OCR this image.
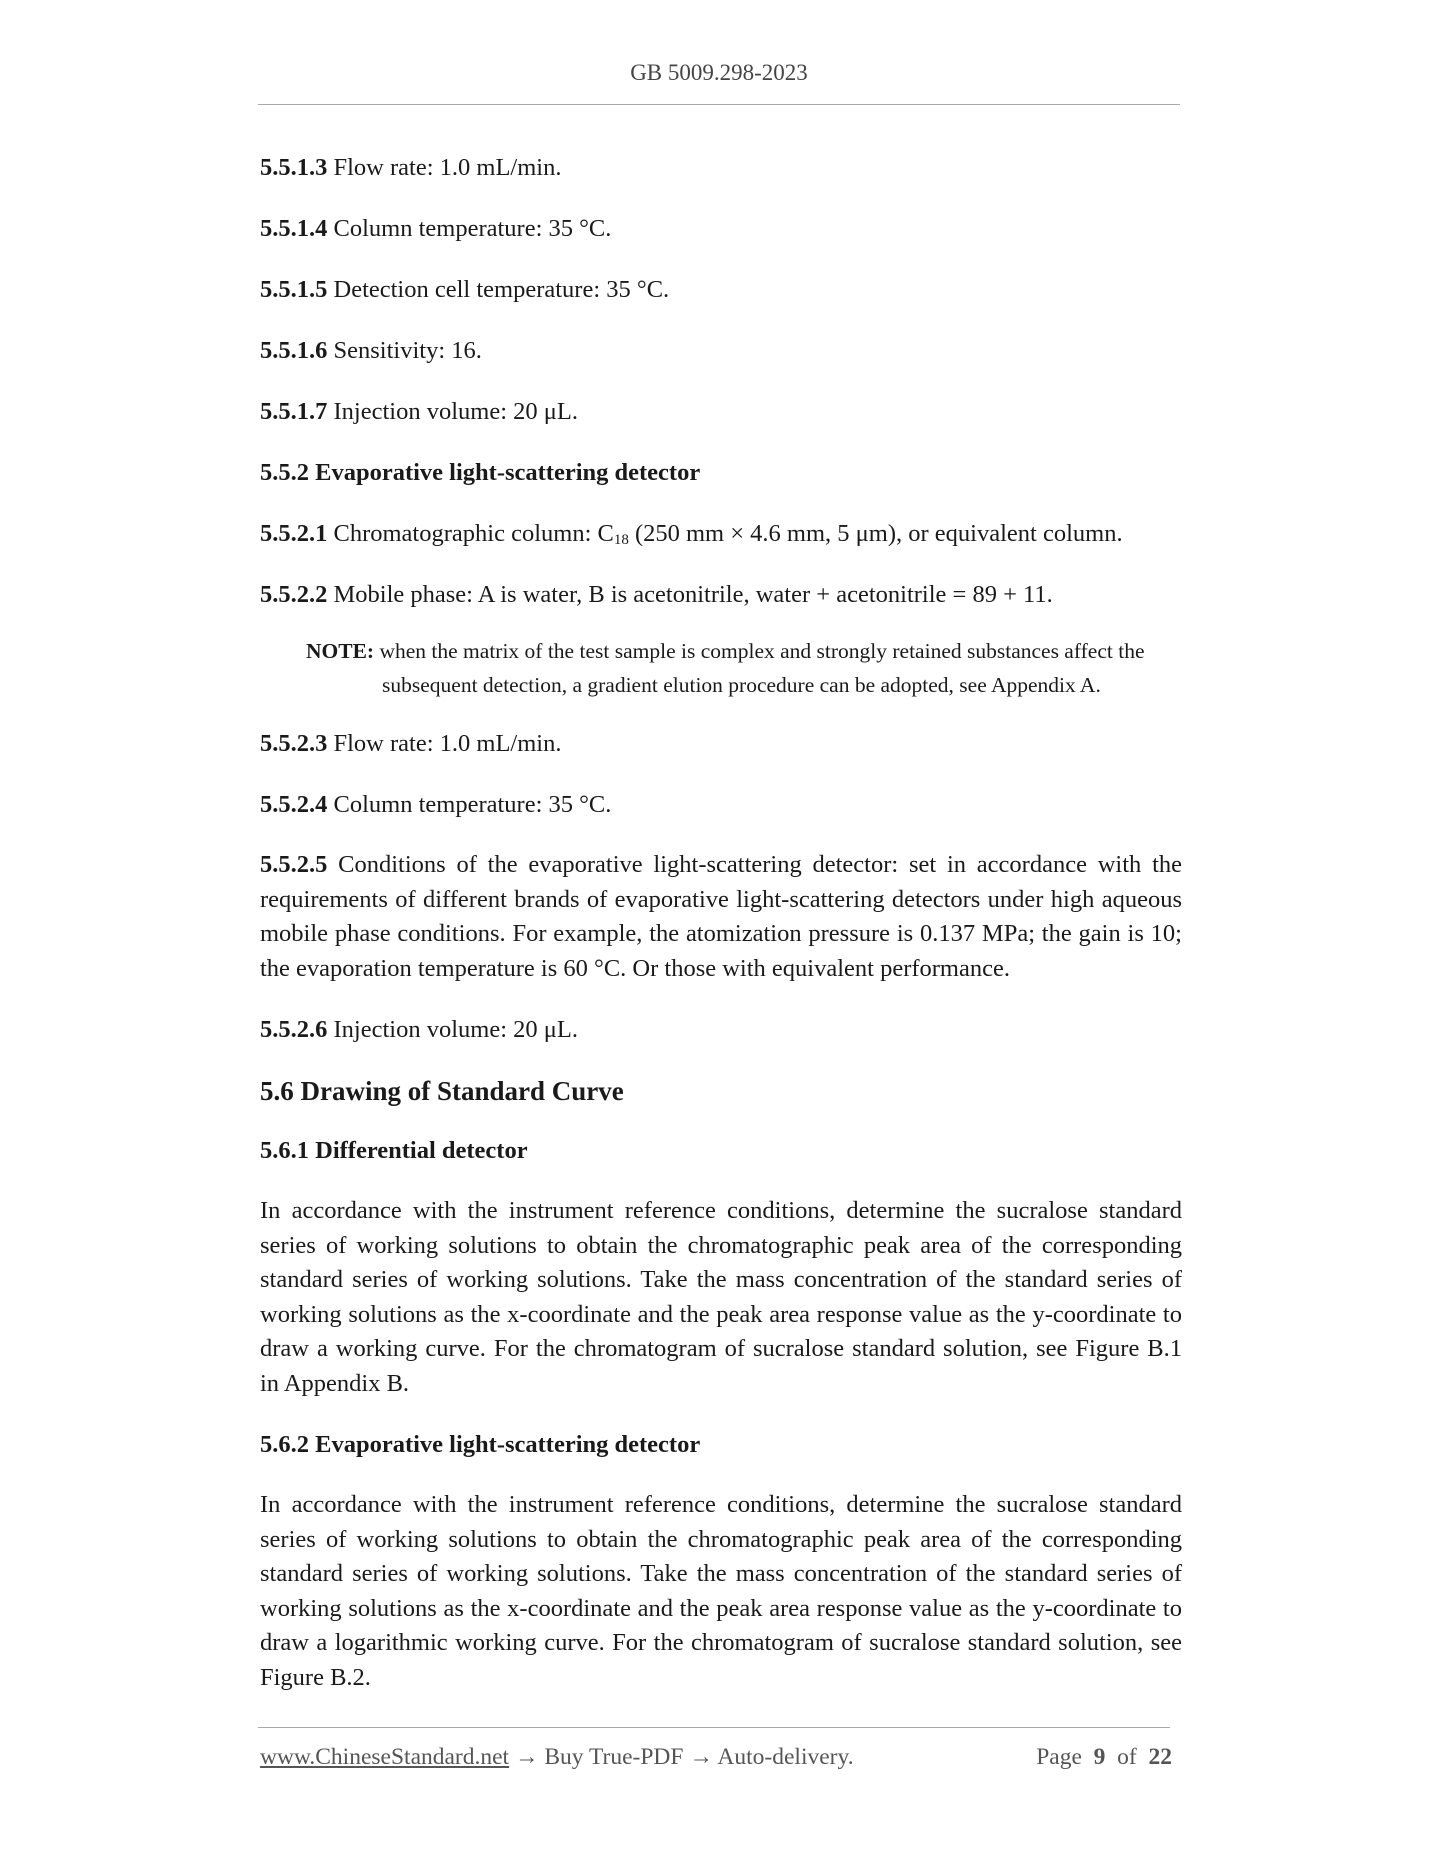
GB 5009.298-2023

5.5.1.3 Flow rate: 1.0 mL/min.

5.5.1.4 Column temperature: 35 °C.

5.5.1.5 Detection cell temperature: 35 °C.

5.5.1.6 Sensitivity: 16.

5.5.1.7 Injection volume: 20 μL.

5.5.2 Evaporative light-scattering detector

5.5.2.1 Chromatographic column: $C_{18}$ (250 mm × 4.6 mm, 5 μm), or equivalent column.

5.5.2.2 Mobile phase: A is water, B is acetonitrile, water + acetonitrile = 89 + 11.

NOTE: when the matrix of the test sample is complex and strongly retained substances affect the
subsequent detection, a gradient elution procedure can be adopted, see Appendix A.

5.5.2.3 Flow rate: 1.0 mL/min.

5.5.2.4 Column temperature: 35 °C.

5.5.2.5 Conditions of the evaporative light-scattering detector: set in accordance with the requirements of different brands of evaporative light-scattering detectors under high aqueous mobile phase conditions. For example, the atomization pressure is 0.137 MPa; the gain is 10; the evaporation temperature is 60 °C. Or those with equivalent performance.

5.5.2.6 Injection volume: 20 μL.

5.6 Drawing of Standard Curve

5.6.1 Differential detector

In accordance with the instrument reference conditions, determine the sucralose standard series of working solutions to obtain the chromatographic peak area of the corresponding standard series of working solutions. Take the mass concentration of the standard series of working solutions as the x-coordinate and the peak area response value as the y-coordinate to draw a working curve. For the chromatogram of sucralose standard solution, see Figure B.1 in Appendix B.

5.6.2 Evaporative light-scattering detector

In accordance with the instrument reference conditions, determine the sucralose standard series of working solutions to obtain the chromatographic peak area of the corresponding standard series of working solutions. Take the mass concentration of the standard series of working solutions as the x-coordinate and the peak area response value as the y-coordinate to draw a logarithmic working curve. For the chromatogram of sucralose standard solution, see Figure B.2.

www.ChineseStandard.net → Buy True-PDF → Auto-delivery.	Page 9 of 22
